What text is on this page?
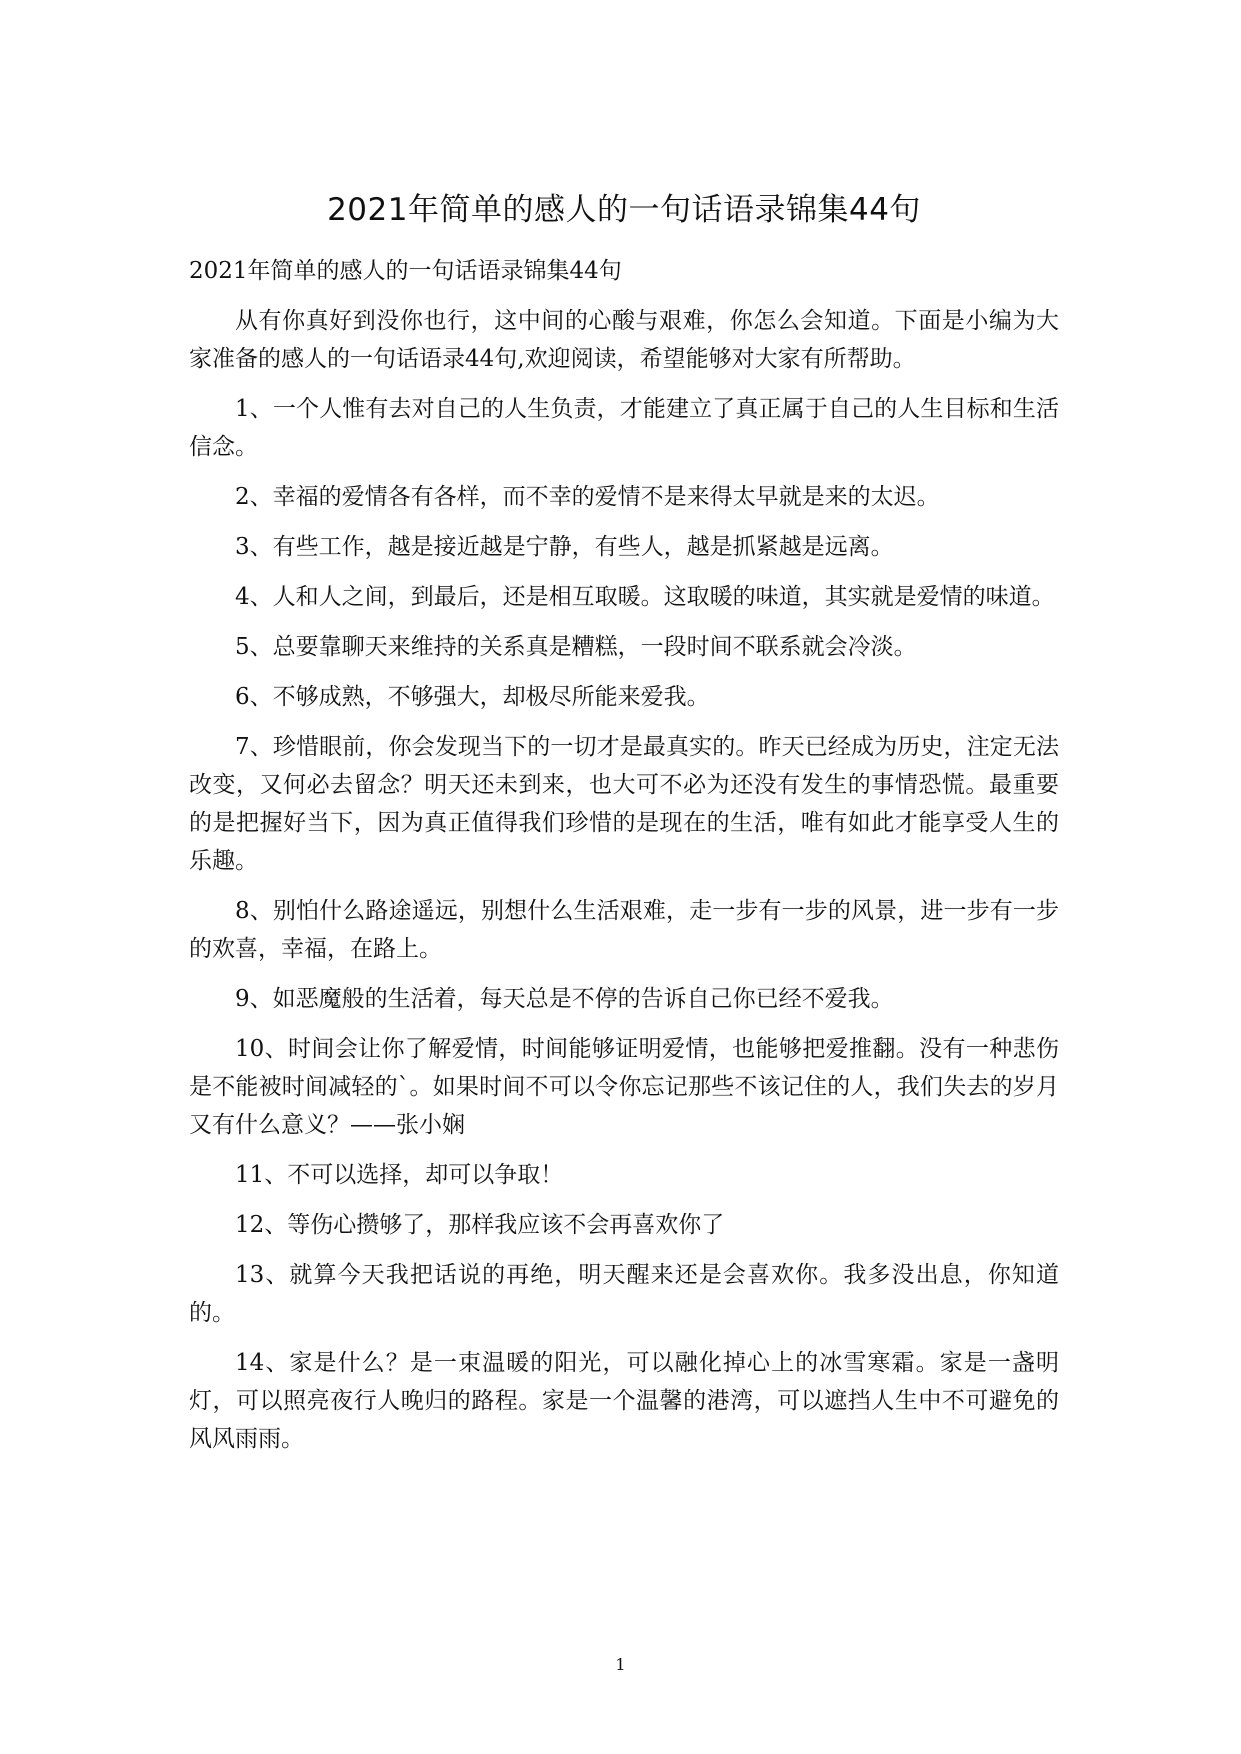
2021年简单的感人的一句话语录锦集44句
2021年简单的感人的一句话语录锦集44句

从有你真好到没你也行，这中间的心酸与艰难，你怎么会知道。下面是小编为大家准备的感人的一句话语录44句,欢迎阅读，希望能够对大家有所帮助。

1、一个人惟有去对自己的人生负责，才能建立了真正属于自己的人生目标和生活信念。

2、幸福的爱情各有各样，而不幸的爱情不是来得太早就是来的太迟。

3、有些工作，越是接近越是宁静，有些人，越是抓紧越是远离。

4、人和人之间，到最后，还是相互取暖。这取暖的味道，其实就是爱情的味道。

5、总要靠聊天来维持的关系真是糟糕，一段时间不联系就会冷淡。

6、不够成熟，不够强大，却极尽所能来爱我。

7、珍惜眼前，你会发现当下的一切才是最真实的。昨天已经成为历史，注定无法改变，又何必去留念？明天还未到来，也大可不必为还没有发生的事情恐慌。最重要的是把握好当下，因为真正值得我们珍惜的是现在的生活，唯有如此才能享受人生的乐趣。

8、别怕什么路途遥远，别想什么生活艰难，走一步有一步的风景，进一步有一步的欢喜，幸福，在路上。

9、如恶魔般的生活着，每天总是不停的告诉自己你已经不爱我。

10、时间会让你了解爱情，时间能够证明爱情，也能够把爱推翻。没有一种悲伤是不能被时间减轻的`。如果时间不可以令你忘记那些不该记住的人，我们失去的岁月又有什么意义？——张小娴

11、不可以选择，却可以争取！

12、等伤心攒够了，那样我应该不会再喜欢你了

13、就算今天我把话说的再绝，明天醒来还是会喜欢你。我多没出息，你知道的。

14、家是什么？是一束温暖的阳光，可以融化掉心上的冰雪寒霜。家是一盏明灯，可以照亮夜行人晚归的路程。家是一个温馨的港湾，可以遮挡人生中不可避免的风风雨雨。

1
